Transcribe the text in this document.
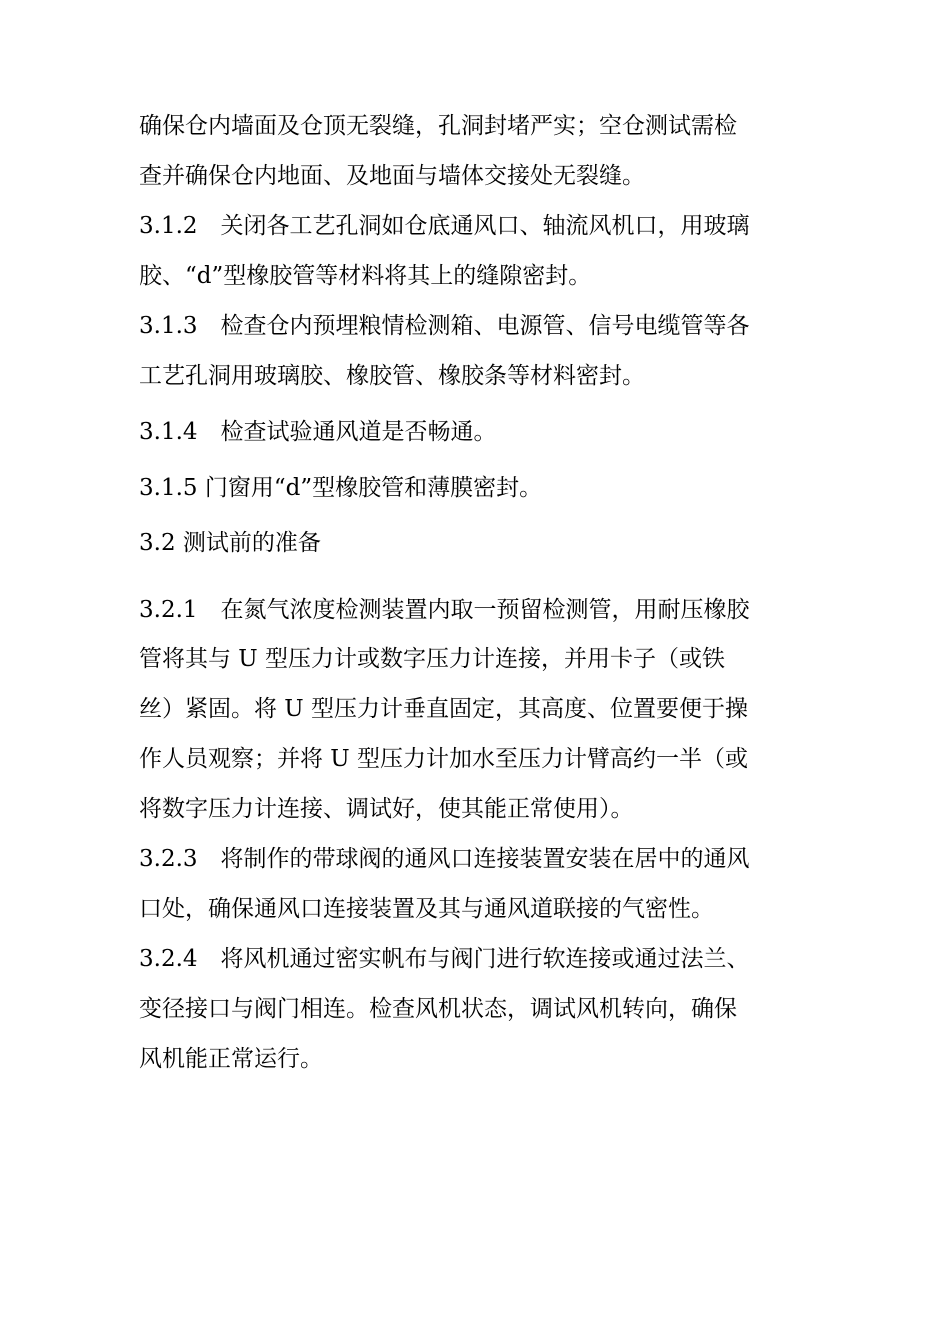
确保仓内墙面及仓顶无裂缝，孔洞封堵严实；空仓测试需检
查并确保仓内地面、及地面与墙体交接处无裂缝。
3.1.2　关闭各工艺孔洞如仓底通风口、轴流风机口，用玻璃
胶、“d”型橡胶管等材料将其上的缝隙密封。
3.1.3　检查仓内预埋粮情检测箱、电源管、信号电缆管等各
工艺孔洞用玻璃胶、橡胶管、橡胶条等材料密封。
3.1.4　检查试验通风道是否畅通。
3.1.5 门窗用“d”型橡胶管和薄膜密封。
3.2 测试前的准备
3.2.1　在氮气浓度检测装置内取一预留检测管，用耐压橡胶
管将其与 U 型压力计或数字压力计连接，并用卡子（或铁
丝）紧固。将 U 型压力计垂直固定，其高度、位置要便于操
作人员观察；并将 U 型压力计加水至压力计臂高约一半（或
将数字压力计连接、调试好，使其能正常使用）。
3.2.3　将制作的带球阀的通风口连接装置安装在居中的通风
口处，确保通风口连接装置及其与通风道联接的气密性。
3.2.4　将风机通过密实帆布与阀门进行软连接或通过法兰、
变径接口与阀门相连。检查风机状态，调试风机转向，确保
风机能正常运行。
